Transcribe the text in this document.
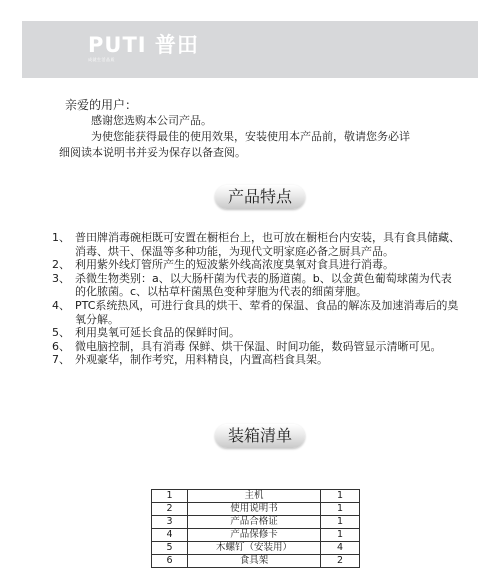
PUTI 普田
成就生活品质
亲爱的用户：

感谢您选购本公司产品。

为使您能获得最佳的使用效果，安装使用本产品前，敬请您务必详

细阅读本说明书并妥为保存以备查阅。

产品特点
1、 普田牌消毒碗柜既可安置在橱柜台上，也可放在橱柜台内安装，具有食具储藏、消毒、烘干、保温等多种功能，为现代文明家庭必备之厨具产品。
2、 利用紫外线灯管所产生的短波紫外线高浓度臭氧对食具进行消毒。
3、 杀微生物类别：a、以大肠杆菌为代表的肠道菌。b、以金黄色葡萄球菌为代表的化脓菌。c、以枯草杆菌黑色变种芽胞为代表的细菌芽胞。
4、 PTC系统热风，可进行食具的烘干、荤肴的保温、食品的解冻及加速消毒后的臭氧分解。
5、 利用臭氧可延长食品的保鲜时间。
6、 微电脑控制，具有消毒 保鲜、烘干保温、时间功能，数码管显示清晰可见。
7、 外观豪华，制作考究，用料精良，内置高档食具架。
装箱清单
1	主机	1
2	使用说明书	1
3	产品合格证	1
4	产品保修卡	1
5	木螺钉（安装用）	4
6	食具架	2
